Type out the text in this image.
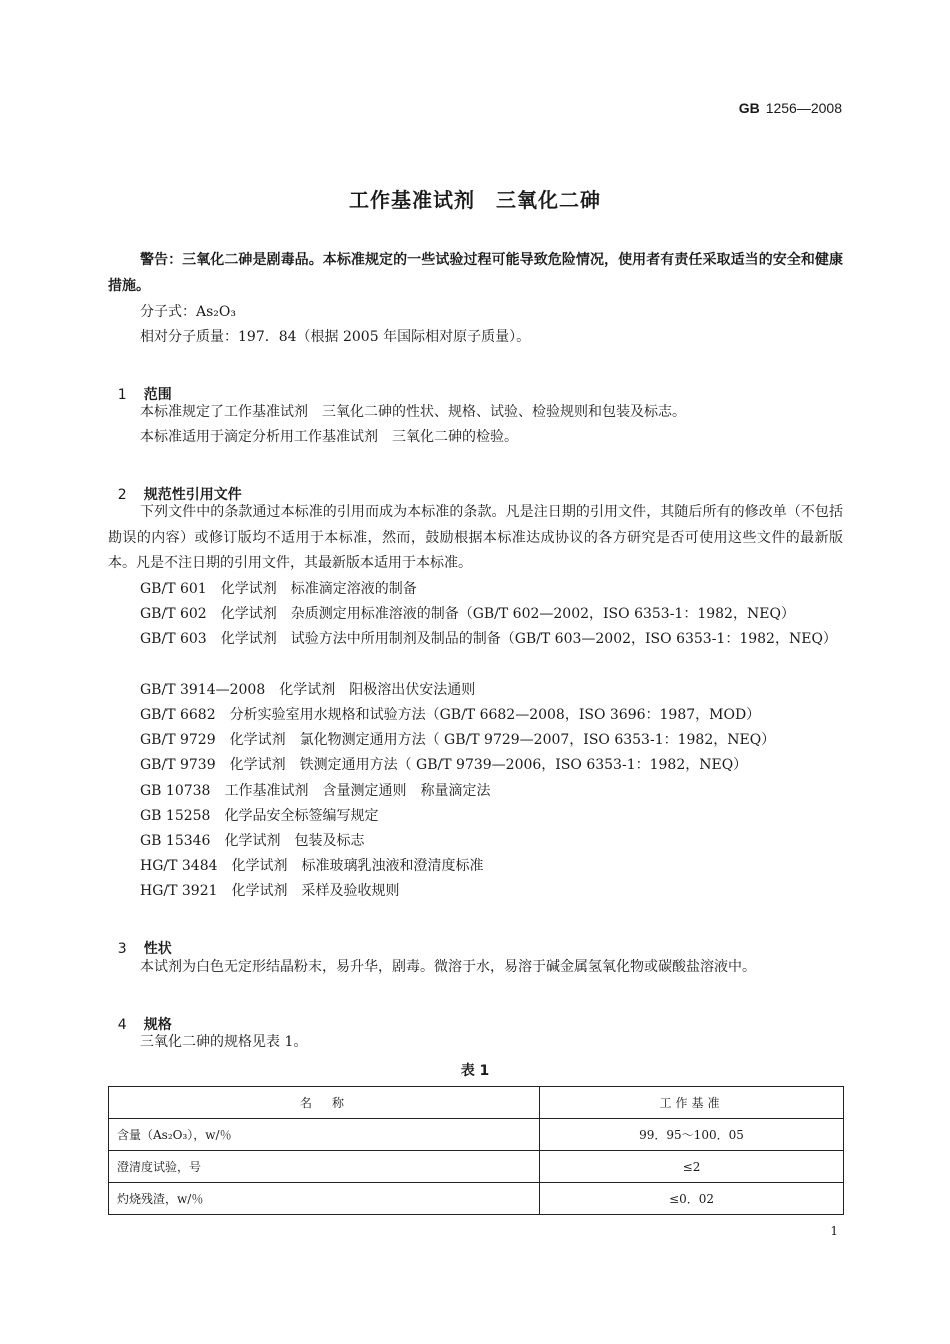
GB 1256—2008
工作基准试剂　三氧化二砷
警告：三氧化二砷是剧毒品。本标准规定的一些试验过程可能导致危险情况，使用者有责任采取适当的安全和健康措施。
分子式：As₂O₃
相对分子质量：197．84（根据 2005 年国际相对原子质量）。

1 范围

本标准规定了工作基准试剂　三氧化二砷的性状、规格、试验、检验规则和包装及标志。
本标准适用于滴定分析用工作基准试剂　三氧化二砷的检验。

2 规范性引用文件

下列文件中的条款通过本标准的引用而成为本标准的条款。凡是注日期的引用文件，其随后所有的修改单（不包括勘误的内容）或修订版均不适用于本标准，然而，鼓励根据本标准达成协议的各方研究是否可使用这些文件的最新版本。凡是不注日期的引用文件，其最新版本适用于本标准。
GB/T 601　化学试剂　标准滴定溶液的制备
GB/T 602　化学试剂　杂质测定用标准溶液的制备（GB/T 602—2002，ISO 6353-1：1982，NEQ）
GB/T 603　化学试剂　试验方法中所用制剂及制品的制备（GB/T 603—2002，ISO 6353-1：1982，NEQ）
GB/T 3914—2008　化学试剂　阳极溶出伏安法通则
GB/T 6682　分析实验室用水规格和试验方法（GB/T 6682—2008，ISO 3696：1987，MOD）
GB/T 9729　化学试剂　氯化物测定通用方法（ GB/T 9729—2007，ISO 6353-1：1982，NEQ）
GB/T 9739　化学试剂　铁测定通用方法（ GB/T 9739—2006，ISO 6353-1：1982，NEQ）
GB 10738　工作基准试剂　含量测定通则　称量滴定法
GB 15258　化学品安全标签编写规定
GB 15346　化学试剂　包装及标志
HG/T 3484　化学试剂　标准玻璃乳浊液和澄清度标准
HG/T 3921　化学试剂　采样及验收规则

3 性状

本试剂为白色无定形结晶粉末，易升华，剧毒。微溶于水，易溶于碱金属氢氧化物或碳酸盐溶液中。

4 规格

三氧化二砷的规格见表 1。
表 1
名　称	工作基准
含量（As₂O₃），w/％	99．95～100．05
澄清度试验，号	≤2
灼烧残渣，w/％	≤0．02
1
